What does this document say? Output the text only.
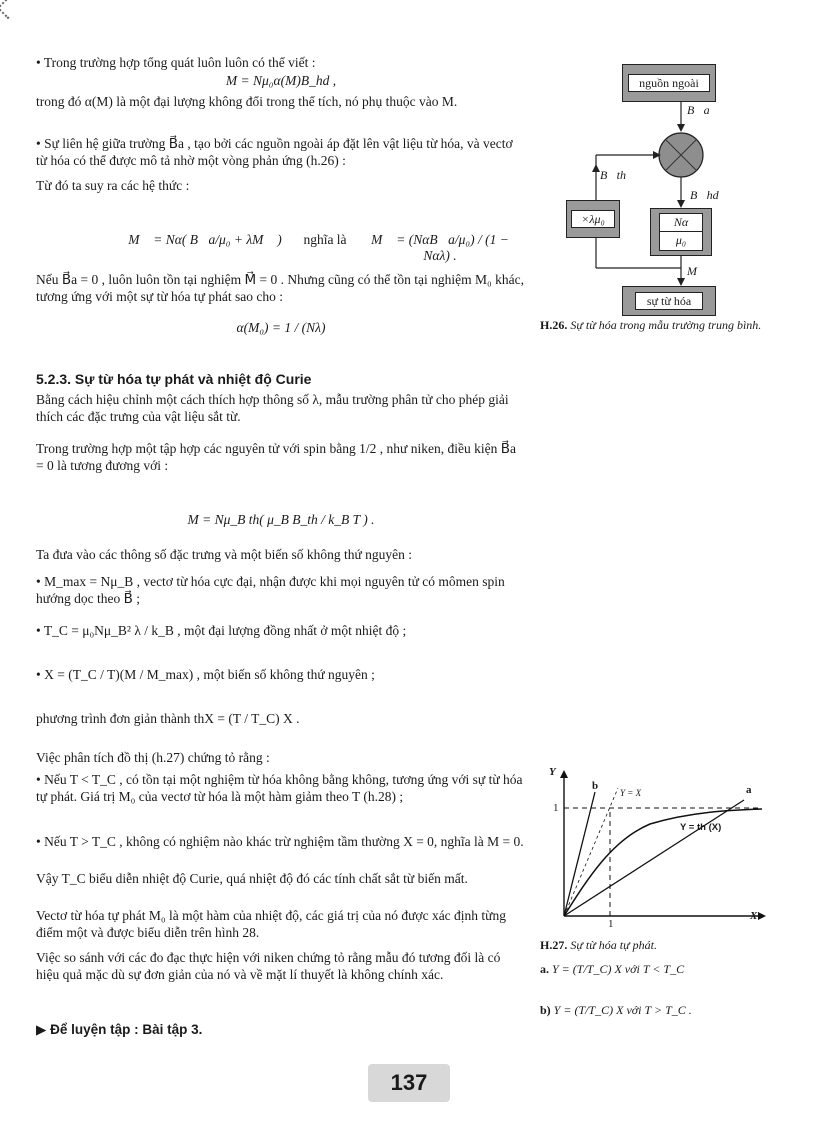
• Trong trường hợp tổng quát luôn luôn có thể viết :

M = Nμ₀α(M)B_hd ,

trong đó α(M) là một đại lượng không đổi trong thể tích, nó phụ thuộc vào M.

• Sự liên hệ giữa trường B⃗a , tạo bởi các nguồn ngoài áp đặt lên vật liệu từ hóa, và vectơ từ hóa có thể được mô tả nhờ một vòng phản ứng (h.26) :

Từ đó ta suy ra các hệ thức :

M⃗ = Nα( B⃗a/μ₀ + λM⃗ )	nghĩa là	M⃗ = (NαB⃗a/μ₀) / (1 − Nαλ) .

Nếu B⃗a = 0 , luôn luôn tồn tại nghiệm M⃗ = 0 . Nhưng cũng có thể tồn tại nghiệm M₀ khác, tương ứng với một sự từ hóa tự phát sao cho :

α(M₀) = 1 / (Nλ)
5.2.3. Sự từ hóa tự phát và nhiệt độ Curie

Bằng cách hiệu chỉnh một cách thích hợp thông số λ, mẫu trường phân tử cho phép giải thích các đặc trưng của vật liệu sắt từ.

Trong trường hợp một tập hợp các nguyên tử với spin bằng 1/2 , như niken, điều kiện B⃗a = 0 là tương đương với :

M = Nμ_B th( μ_B B_th / k_B T ) .

Ta đưa vào các thông số đặc trưng và một biến số không thứ nguyên :

• M_max = Nμ_B , vectơ từ hóa cực đại, nhận được khi mọi nguyên tử có mômen spin hướng dọc theo B⃗ ;

• T_C = μ₀Nμ_B² λ / k_B , một đại lượng đồng nhất ở một nhiệt độ ;

• X = (T_C / T)(M / M_max) , một biến số không thứ nguyên ;

phương trình đơn giản thành thX = (T / T_C) X .

Việc phân tích đồ thị (h.27) chứng tỏ rằng :

• Nếu T < T_C , có tồn tại một nghiệm từ hóa không bằng không, tương ứng với sự từ hóa tự phát. Giá trị M₀ của vectơ từ hóa là một hàm giảm theo T (h.28) ;

• Nếu T > T_C , không có nghiệm nào khác trừ nghiệm tầm thường X = 0, nghĩa là M = 0.

Vậy T_C biểu diễn nhiệt độ Curie, quá nhiệt độ đó các tính chất sắt từ biến mất.

Vectơ từ hóa tự phát M₀ là một hàm của nhiệt độ, các giá trị của nó được xác định từng điểm một và được biểu diễn trên hình 28.

Việc so sánh với các đo đạc thực hiện với niken chứng tỏ rằng mẫu đó tương đối là có hiệu quả mặc dù sự đơn giản của nó và về mặt lí thuyết là không chính xác.

▶ Để luyện tập : Bài tập 3.
nguồn ngoài
B⃗a
B⃗th
B⃗hd
×λμ₀	$\frac{N\alpha}{\text{μ₀}}$
M⃗
sự từ hóa
H.26. Sự từ hóa trong mẫu trường trung bình.
Y
X
1
1
b	a
Y = X
Y = th (X)
H.27. Sự từ hóa tự phát.
a. Y = (T/T_C) X với T < T_C
b) Y = (T/T_C) X với T > T_C .
137
